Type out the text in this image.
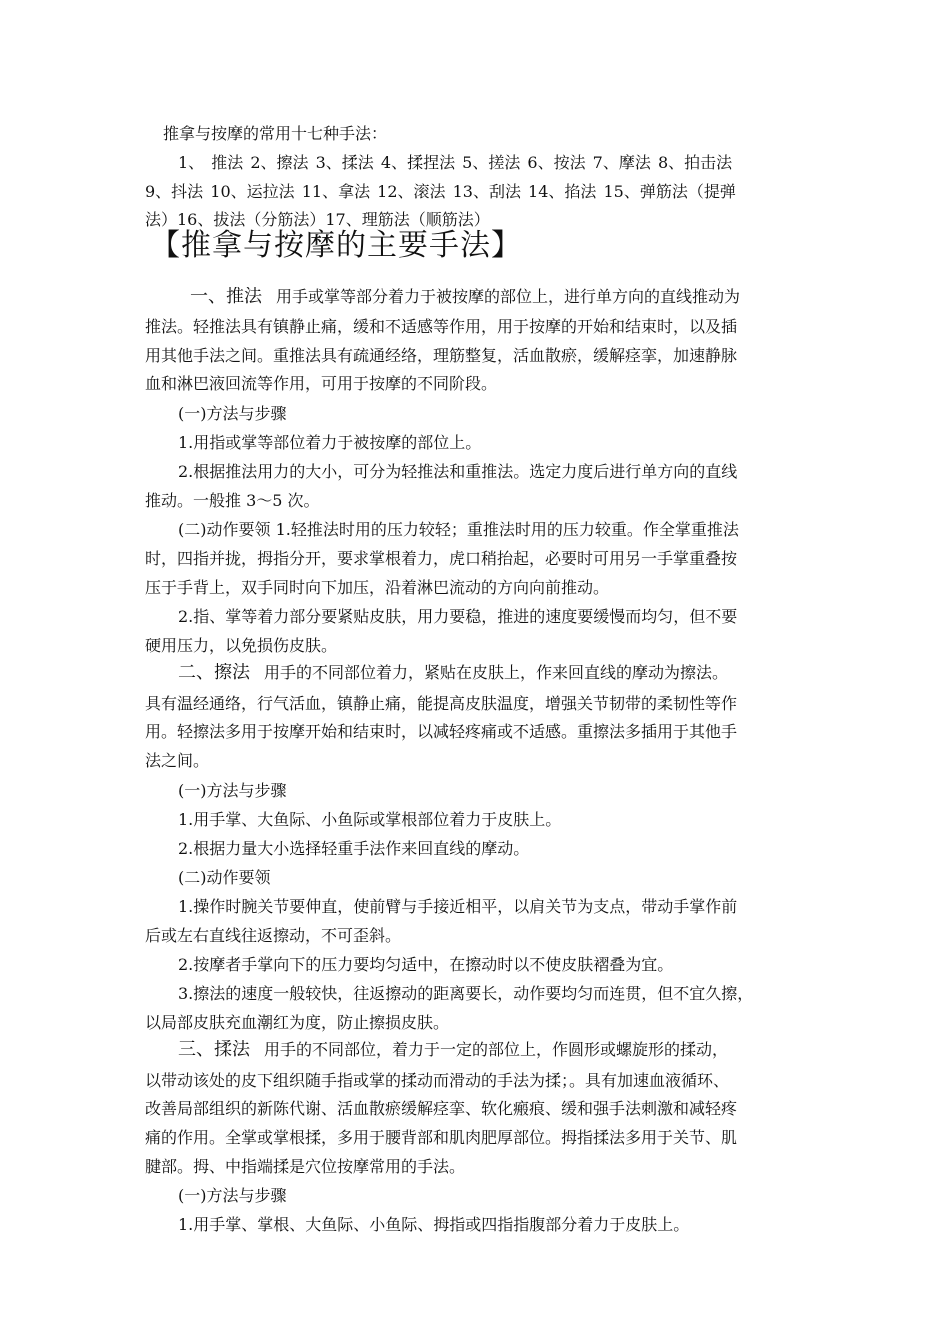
推拿与按摩的常用十七种手法：
1、 推法 2、擦法 3、揉法 4、揉捏法 5、搓法 6、按法 7、摩法 8、拍击法
9、抖法 10、运拉法 11、拿法 12、滚法 13、刮法 14、掐法 15、弹筋法（提弹
法）16、拔法（分筋法）17、理筋法（顺筋法）
【推拿与按摩的主要手法】
一、推法 用手或掌等部分着力于被按摩的部位上，进行单方向的直线推动为
推法。轻推法具有镇静止痛，缓和不适感等作用，用于按摩的开始和结束时，以及插
用其他手法之间。重推法具有疏通经络，理筋整复，活血散瘀，缓解痉挛，加速静脉
血和淋巴液回流等作用，可用于按摩的不同阶段。
(一)方法与步骤
1.用指或掌等部位着力于被按摩的部位上。
2.根据推法用力的大小，可分为轻推法和重推法。选定力度后进行单方向的直线
推动。一般推 3～5 次。
(二)动作要领 1.轻推法时用的压力较轻；重推法时用的压力较重。作全掌重推法
时，四指并拢，拇指分开，要求掌根着力，虎口稍抬起，必要时可用另一手掌重叠按
压于手背上，双手同时向下加压，沿着淋巴流动的方向向前推动。
2.指、掌等着力部分要紧贴皮肤，用力要稳，推进的速度要缓慢而均匀，但不要
硬用压力，以免损伤皮肤。
二、擦法 用手的不同部位着力，紧贴在皮肤上，作来回直线的摩动为擦法。
具有温经通络，行气活血，镇静止痛，能提高皮肤温度，增强关节韧带的柔韧性等作
用。轻擦法多用于按摩开始和结束时，以减轻疼痛或不适感。重擦法多插用于其他手
法之间。
(一)方法与步骤
1.用手掌、大鱼际、小鱼际或掌根部位着力于皮肤上。
2.根据力量大小选择轻重手法作来回直线的摩动。
(二)动作要领
1.操作时腕关节要伸直，使前臂与手接近相平，以肩关节为支点，带动手掌作前
后或左右直线往返擦动，不可歪斜。
2.按摩者手掌向下的压力要均匀适中，在擦动时以不使皮肤褶叠为宜。
3.擦法的速度一般较快，往返擦动的距离要长，动作要均匀而连贯，但不宜久擦，
以局部皮肤充血潮红为度，防止擦损皮肤。
三、揉法 用手的不同部位，着力于一定的部位上，作圆形或螺旋形的揉动，
以带动该处的皮下组织随手指或掌的揉动而滑动的手法为揉；。具有加速血液循环、
改善局部组织的新陈代谢、活血散瘀缓解痉挛、软化瘢痕、缓和强手法刺激和减轻疼
痛的作用。全掌或掌根揉，多用于腰背部和肌肉肥厚部位。拇指揉法多用于关节、肌
腱部。拇、中指端揉是穴位按摩常用的手法。
(一)方法与步骤
1.用手掌、掌根、大鱼际、小鱼际、拇指或四指指腹部分着力于皮肤上。
